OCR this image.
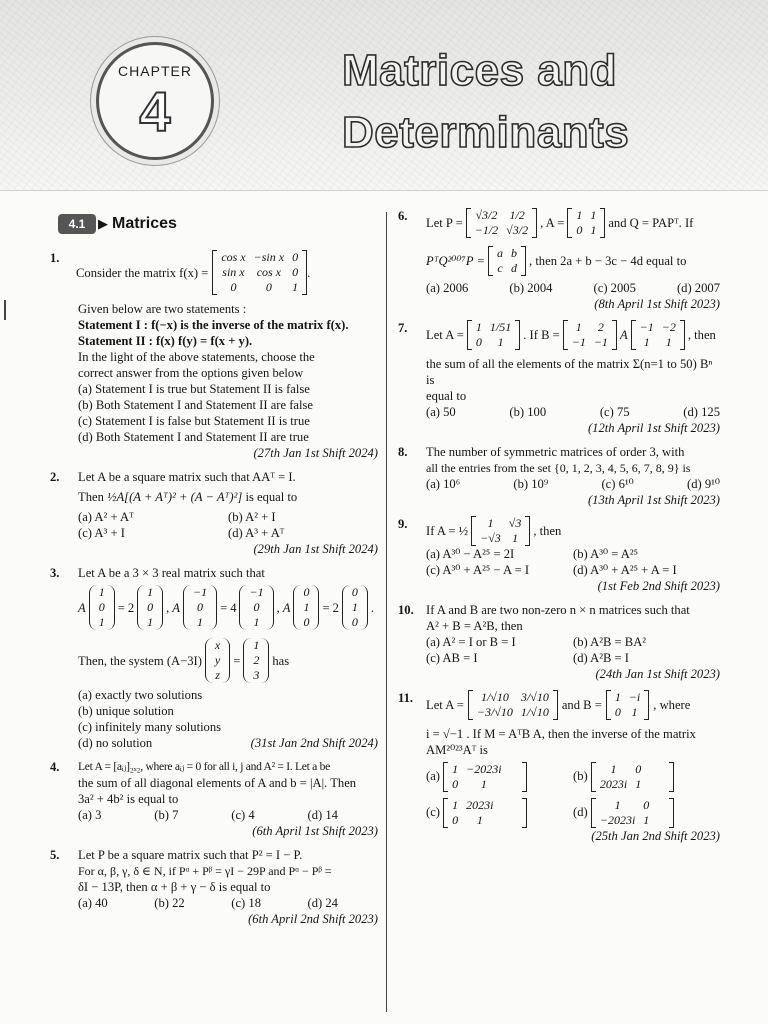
CHAPTER
4
Matrices and
Determinants
4.1 ▶ Matrices
1.
Consider the matrix f(x) =
cos x	−sin x	0
sin x	cos x	0
0	0	1
.
Given below are two statements :
Statement I : f(−x) is the inverse of the matrix f(x).
Statement II : f(x) f(y) = f(x + y).
In the light of the above statements, choose the
correct answer from the options given below
(a) Statement I is true but Statement II is false
(b) Both Statement I and Statement II are false
(c) Statement I is false but Statement II is true
(d) Both Statement I and Statement II are true
(27th Jan 1st Shift 2024)
2. Let A be a square matrix such that AAᵀ = I.
Then ½A[(A + Aᵀ)² + (A − Aᵀ)²] is equal to
(a) A² + Aᵀ	(b) A² + I
(c) A³ + I	(d) A³ + Aᵀ
(29th Jan 1st Shift 2024)
3. Let A be a 3 × 3 real matrix such that
A
1
0
1
= 2
1
0
1
, A
−1
0
1
= 4
−1
0
1
, A
0
1
0
= 2
0
1
0
.
Then, the system (A−3I)
x
y
z
=
1
2
3
has
(a) exactly two solutions
(b) unique solution
(c) infinitely many solutions
(d) no solution	(31st Jan 2nd Shift 2024)
4. Let A = [aᵢⱼ]₂ₓ₂, where aᵢⱼ = 0 for all i, j and A² = I. Let a be
the sum of all diagonal elements of A and b = |A|. Then
3a² + 4b² is equal to
(a) 3	(b) 7	(c) 4	(d) 14
(6th April 1st Shift 2023)
5. Let P be a square matrix such that P² = I − P.
For α, β, γ, δ ∈ N, if Pᵅ + Pᵝ = γI − 29P and Pᵅ − Pᵝ =
δI − 13P, then α + β + γ − δ is equal to
(a) 40	(b) 22	(c) 18	(d) 24
(6th April 2nd Shift 2023)
6. Let P =
√3/2	1/2
−1/2	√3/2 , A =
1	1
0	1 and Q = PAPᵀ. If
PᵀQ²⁰⁰⁷P =
a	b
c	d , then 2a + b − 3c − 4d equal to
(a) 2006	(b) 2004	(c) 2005	(d) 2007
(8th April 1st Shift 2023)
7. Let A =
1	1/51
0	1 . If B =
1	2
−1	−1 A
−1	−2
1	1 , then
the sum of all the elements of the matrix Σ(n=1 to 50) Bⁿ is
equal to
(a) 50	(b) 100	(c) 75	(d) 125
(12th April 1st Shift 2023)
8. The number of symmetric matrices of order 3, with
all the entries from the set {0, 1, 2, 3, 4, 5, 6, 7, 8, 9} is
(a) 10⁶	(b) 10⁹	(c) 6¹⁰	(d) 9¹⁰
(13th April 1st Shift 2023)
9. If A = ½
1	√3
−√3	1 , then
(a) A³⁰ − A²⁵ = 2I	(b) A³⁰ = A²⁵
(c) A³⁰ + A²⁵ − A = I	(d) A³⁰ + A²⁵ + A = I
(1st Feb 2nd Shift 2023)
10. If A and B are two non-zero n × n matrices such that
A² + B = A²B, then
(a) A² = I or B = I	(b) A²B = BA²
(c) AB = I	(d) A²B = I
(24th Jan 1st Shift 2023)
11. Let A =
1/√10	3/√10
−3/√10	1/√10 and B =
1	−i
0	1 , where
i = √−1 . If M = AᵀB A, then the inverse of the matrix
AM²⁰²³Aᵀ is
(a) 1	−2023i
0	1
(b) 1	0
2023i	1
(c) 1	2023i
0	1
(d) 1	0
−2023i	1
(25th Jan 2nd Shift 2023)
